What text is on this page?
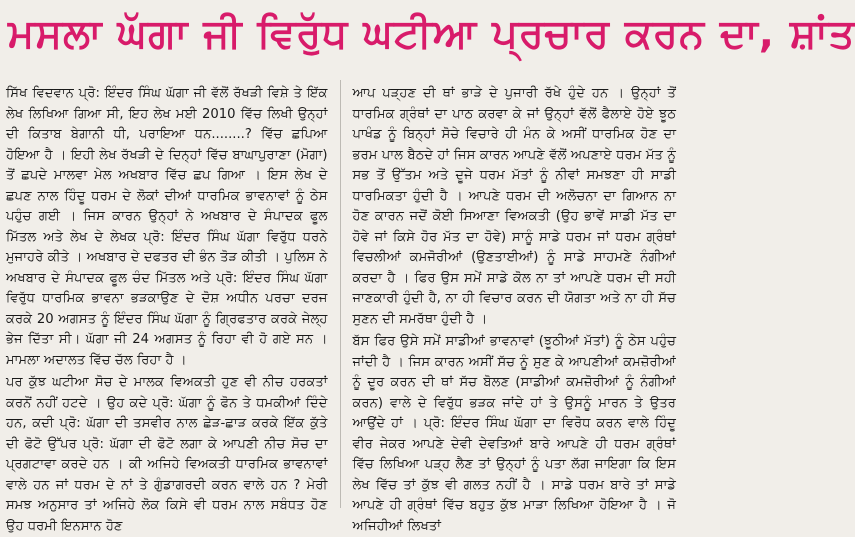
ਮਸਲਾ ਘੱਗਾ ਜੀ ਵਿਰੁੱਧ ਘਟੀਆ ਪ੍ਰਚਾਰ ਕਰਨ ਦਾ, ਸ਼ਾਂਤ

ਸਿੱਖ ਵਿਦਵਾਨ ਪ੍ਰੋ: ਇੰਦਰ ਸਿੰਘ ਘੱਗਾ ਜੀ ਵੱਲੋਂ ਰੱਖੜੀ ਵਿਸ਼ੇ ਤੇ ਇੱਕ ਲੇਖ ਲਿਖਿਆ ਗਿਆ ਸੀ, ਇਹ ਲੇਖ ਮਈ 2010 ਵਿੱਚ ਲਿਖੀ ਉਨ੍ਹਾਂ ਦੀ ਕਿਤਾਬ ਬੇਗਾਨੀ ਧੀ, ਪਰਾਇਆ ਧਨ........? ਵਿੱਚ ਛਪਿਆ ਹੋਇਆ ਹੈ । ਇਹੀ ਲੇਖ ਰੱਖੜੀ ਦੇ ਦਿਨ੍ਹਾਂ ਵਿੱਚ ਬਾਘਾਪੁਰਾਣਾ (ਮੋਗਾ) ਤੋਂ ਛਪਦੇ ਮਾਲਵਾ ਮੇਲ ਅਖਬਾਰ ਵਿੱਚ ਛਪ ਗਿਆ । ਇਸ ਲੇਖ ਦੇ ਛਪਣ ਨਾਲ ਹਿੰਦੂ ਧਰਮ ਦੇ ਲੋਕਾਂ ਦੀਆਂ ਧਾਰਮਿਕ ਭਾਵਨਾਵਾਂ ਨੂੰ ਠੇਸ ਪਹੁੰਚ ਗਈ । ਜਿਸ ਕਾਰਨ ਉਨ੍ਹਾਂ ਨੇ ਅਖਬਾਰ ਦੇ ਸੰਪਾਦਕ ਫੂਲ ਮਿੱਤਲ ਅਤੇ ਲੇਖ ਦੇ ਲੇਖਕ ਪ੍ਰੋ: ਇੰਦਰ ਸਿੰਘ ਘੱਗਾ ਵਿਰੁੱਧ ਧਰਨੇ ਮੁਜਾਹਰੇ ਕੀਤੇ । ਅਖਬਾਰ ਦੇ ਦਫਤਰ ਦੀ ਭੰਨ ਤੋੜ ਕੀਤੀ । ਪੁਲਿਸ ਨੇ ਅਖਬਾਰ ਦੇ ਸੰਪਾਦਕ ਫੂਲ ਚੰਦ ਮਿੱਤਲ ਅਤੇ ਪ੍ਰੋ: ਇੰਦਰ ਸਿੰਘ ਘੱਗਾ ਵਿਰੁੱਧ ਧਾਰਮਿਕ ਭਾਵਨਾ ਭੜਕਾਉਣ ਦੇ ਦੋਸ਼ ਅਧੀਨ ਪਰਚਾ ਦਰਜ ਕਰਕੇ 20 ਅਗਸਤ ਨੂੰ ਇੰਦਰ ਸਿੰਘ ਘੱਗਾ ਨੂੰ ਗ੍ਰਿਫਤਾਰ ਕਰਕੇ ਜੇਲ੍ਹ ਭੇਜ ਦਿੱਤਾ ਸੀ। ਘੱਗਾ ਜੀ 24 ਅਗਸਤ ਨੂੰ ਰਿਹਾ ਵੀ ਹੋ ਗਏ ਸਨ । ਮਾਮਲਾ ਅਦਾਲਤ ਵਿੱਚ ਚੱਲ ਰਿਹਾ ਹੈ ।

ਪਰ ਕੁੱਝ ਘਟੀਆ ਸੋਚ ਦੇ ਮਾਲਕ ਵਿਅਕਤੀ ਹੁਣ ਵੀ ਨੀਚ ਹਰਕਤਾਂ ਕਰਨੋਂ ਨਹੀਂ ਹਟਦੇ । ਉਹ ਕਦੇ ਪ੍ਰੋ: ਘੱਗਾ ਨੂੰ ਫੋਨ ਤੇ ਧਮਕੀਆਂ ਦਿੰਦੇ ਹਨ, ਕਦੀ ਪ੍ਰੋ: ਘੱਗਾ ਦੀ ਤਸਵੀਰ ਨਾਲ ਛੇੜ-ਛਾੜ ਕਰਕੇ ਇੱਕ ਕੁੱਤੇ ਦੀ ਫੋਟੋ ਉੱਪਰ ਪ੍ਰੋ: ਘੱਗਾ ਦੀ ਫੋਟੋ ਲਗਾ ਕੇ ਆਪਣੀ ਨੀਚ ਸੋਚ ਦਾ ਪ੍ਰਗਟਾਵਾ ਕਰਦੇ ਹਨ । ਕੀ ਅਜਿਹੇ ਵਿਅਕਤੀ ਧਾਰਮਿਕ ਭਾਵਨਾਵਾਂ ਵਾਲੇ ਹਨ ਜਾਂ ਧਰਮ ਦੇ ਨਾਂ ਤੇ ਗੁੰਡਾਗਰਦੀ ਕਰਨ ਵਾਲੇ ਹਨ ? ਮੇਰੀ ਸਮਝ ਅਨੁਸਾਰ ਤਾਂ ਅਜਿਹੇ ਲੋਕ ਕਿਸੇ ਵੀ ਧਰਮ ਨਾਲ ਸਬੰਧਤ ਹੋਣ ਉਹ ਧਰਮੀ ਇਨਸਾਨ ਹੋਣ

ਆਪ ਪੜ੍ਹਣ ਦੀ ਥਾਂ ਭਾੜੇ ਦੇ ਪੁਜਾਰੀ ਰੱਖੇ ਹੁੰਦੇ ਹਨ । ਉਨ੍ਹਾਂ ਤੋਂ ਧਾਰਮਿਕ ਗ੍ਰੰਥਾਂ ਦਾ ਪਾਠ ਕਰਵਾ ਕੇ ਜਾਂ ਉਨ੍ਹਾਂ ਵੱਲੋਂ ਫੈਲਾਏ ਹੋਏ ਝੂਠ ਪਾਖੰਡ ਨੂੰ ਬਿਨ੍ਹਾਂ ਸੋਚੇ ਵਿਚਾਰੇ ਹੀ ਮੰਨ ਕੇ ਅਸੀਂ ਧਾਰਮਿਕ ਹੋਣ ਦਾ ਭਰਮ ਪਾਲ ਬੈਠਦੇ ਹਾਂ ਜਿਸ ਕਾਰਨ ਆਪਣੇ ਵੱਲੋਂ ਅਪਣਾਏ ਧਰਮ ਮੱਤ ਨੂੰ ਸਭ ਤੋਂ ਉੱਤਮ ਅਤੇ ਦੂਜੇ ਧਰਮ ਮੱਤਾਂ ਨੂੰ ਨੀਵਾਂ ਸਮਝਣਾ ਹੀ ਸਾਡੀ ਧਾਰਮਿਕਤਾ ਹੁੰਦੀ ਹੈ । ਆਪਣੇ ਧਰਮ ਦੀ ਅਲੋਚਨਾ ਦਾ ਗਿਆਨ ਨਾ ਹੋਣ ਕਾਰਨ ਜਦੋਂ ਕੋਈ ਸਿਆਣਾ ਵਿਅਕਤੀ (ਉਹ ਭਾਵੇਂ ਸਾਡੀ ਮੱਤ ਦਾ ਹੋਵੇ ਜਾਂ ਕਿਸੇ ਹੋਰ ਮੱਤ ਦਾ ਹੋਵੇ) ਸਾਨੂੰ ਸਾਡੇ ਧਰਮ ਜਾਂ ਧਰਮ ਗ੍ਰੰਥਾਂ ਵਿਚਲੀਆਂ ਕਮਜੋਰੀਆਂ (ਉਣਤਾਈਆਂ) ਨੂੰ ਸਾਡੇ ਸਾਹਮਣੇ ਨੰਗੀਆਂ ਕਰਦਾ ਹੈ । ਫਿਰ ਉਸ ਸਮੇਂ ਸਾਡੇ ਕੋਲ ਨਾ ਤਾਂ ਆਪਣੇ ਧਰਮ ਦੀ ਸਹੀ ਜਾਣਕਾਰੀ ਹੁੰਦੀ ਹੈ, ਨਾ ਹੀ ਵਿਚਾਰ ਕਰਨ ਦੀ ਯੋਗਤਾ ਅਤੇ ਨਾ ਹੀ ਸੱਚ ਸੁਣਨ ਦੀ ਸਮਰੱਥਾ ਹੁੰਦੀ ਹੈ ।

ਬੱਸ ਫਿਰ ਉਸੇ ਸਮੇਂ ਸਾਡੀਆਂ ਭਾਵਨਾਵਾਂ (ਝੂਠੀਆਂ ਮੱਤਾਂ) ਨੂੰ ਠੇਸ ਪਹੁੰਚ ਜਾਂਦੀ ਹੈ । ਜਿਸ ਕਾਰਨ ਅਸੀਂ ਸੱਚ ਨੂੰ ਸੁਣ ਕੇ ਆਪਣੀਆਂ ਕਮਜ਼ੋਰੀਆਂ ਨੂੰ ਦੂਰ ਕਰਨ ਦੀ ਥਾਂ ਸੱਚ ਬੋਲਣ (ਸਾਡੀਆਂ ਕਮਜ਼ੋਰੀਆਂ ਨੂੰ ਨੰਗੀਆਂ ਕਰਨ) ਵਾਲੇ ਦੇ ਵਿਰੁੱਧ ਭੜਕ ਜਾਂਦੇ ਹਾਂ ਤੇ ਉਸਨੂੰ ਮਾਰਨ ਤੇ ਉਤਰ ਆਉਂਦੇ ਹਾਂ । ਪ੍ਰੋ: ਇੰਦਰ ਸਿੰਘ ਘੱਗਾ ਦਾ ਵਿਰੋਧ ਕਰਨ ਵਾਲੇ ਹਿੰਦੂ ਵੀਰ ਜੇਕਰ ਆਪਣੇ ਦੇਵੀ ਦੇਵਤਿਆਂ ਬਾਰੇ ਆਪਣੇ ਹੀ ਧਰਮ ਗ੍ਰੰਥਾਂ ਵਿੱਚ ਲਿਖਿਆ ਪੜ੍ਹ ਲੈਣ ਤਾਂ ਉਨ੍ਹਾਂ ਨੂੰ ਪਤਾ ਲੱਗ ਜਾਇਗਾ ਕਿ ਇਸ ਲੇਖ ਵਿੱਚ ਤਾਂ ਕੁੱਝ ਵੀ ਗਲਤ ਨਹੀਂ ਹੈ । ਸਾਡੇ ਧਰਮ ਬਾਰੇ ਤਾਂ ਸਾਡੇ ਆਪਣੇ ਹੀ ਗ੍ਰੰਥਾਂ ਵਿੱਚ ਬਹੁਤ ਕੁੱਝ ਮਾੜਾ ਲਿਖਿਆ ਹੋਇਆ ਹੈ । ਜੋ ਅਜਿਹੀਆਂ ਲਿਖਤਾਂ
